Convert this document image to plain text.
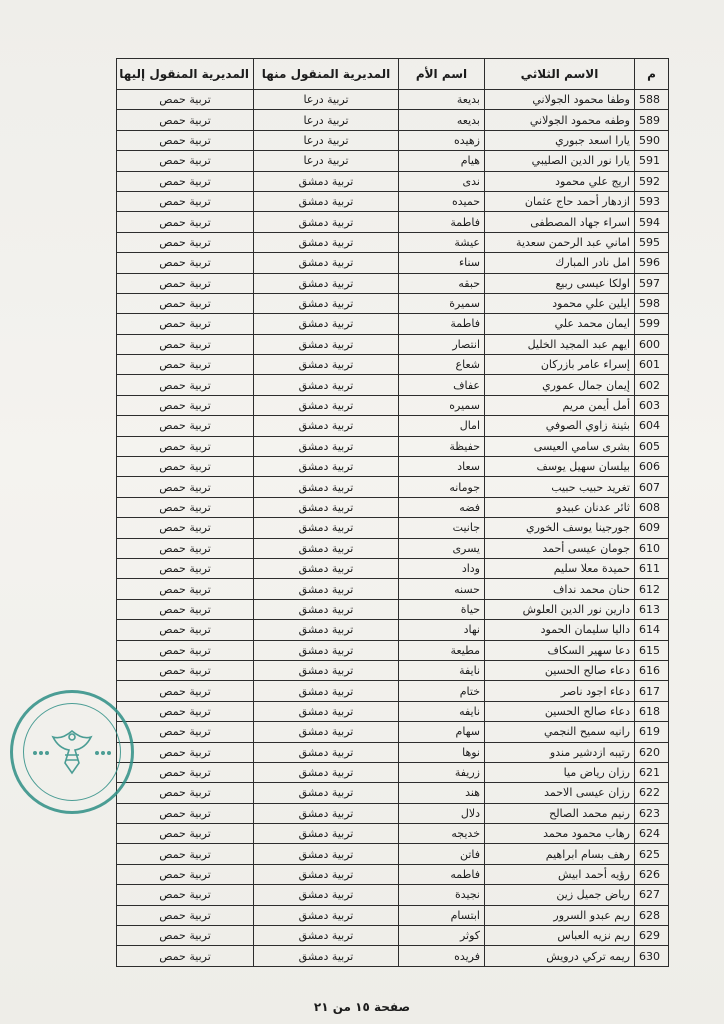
م	الاسم الثلاثي	اسم الأم	المديرية المنقول منها	المديرية المنقول إليها
588	وطفا محمود الجولاني	بديعة	تربية درعا	تربية حمص
589	وطفه محمود الجولاني	بديعه	تربية درعا	تربية حمص
590	يارا اسعد جبوري	زهيده	تربية درعا	تربية حمص
591	يارا نور الدين الصليبي	هيام	تربية درعا	تربية حمص
592	اريج علي محمود	ندى	تربية دمشق	تربية حمص
593	ازدهار أحمد حاج عثمان	حميده	تربية دمشق	تربية حمص
594	اسراء جهاد المصطفى	فاطمة	تربية دمشق	تربية حمص
595	اماني عبد الرحمن سعدية	عيشة	تربية دمشق	تربية حمص
596	امل نادر المبارك	سناء	تربية دمشق	تربية حمص
597	اولكا عيسى ربيع	حبقه	تربية دمشق	تربية حمص
598	ايلين علي محمود	سميرة	تربية دمشق	تربية حمص
599	ايمان محمد علي	فاطمة	تربية دمشق	تربية حمص
600	ايهم عبد المجيد الخليل	انتصار	تربية دمشق	تربية حمص
601	إسراء عامر بازركان	شعاع	تربية دمشق	تربية حمص
602	إيمان جمال عموري	عفاف	تربية دمشق	تربية حمص
603	أمل أيمن مريم	سميره	تربية دمشق	تربية حمص
604	بثينة زاوي الصوفي	امال	تربية دمشق	تربية حمص
605	بشرى سامي العيسى	حفيظة	تربية دمشق	تربية حمص
606	بيلسان سهيل يوسف	سعاد	تربية دمشق	تربية حمص
607	تغريد حبيب حبيب	جومانه	تربية دمشق	تربية حمص
608	ثائر عدنان عبيدو	فضه	تربية دمشق	تربية حمص
609	جورجينا يوسف الخوري	جانيت	تربية دمشق	تربية حمص
610	جومان عيسى أحمد	يسرى	تربية دمشق	تربية حمص
611	حميدة معلا سليم	وداد	تربية دمشق	تربية حمص
612	حنان محمد نداف	حسنه	تربية دمشق	تربية حمص
613	دارين نور الدين العلوش	حياة	تربية دمشق	تربية حمص
614	داليا سليمان الحمود	نهاد	تربية دمشق	تربية حمص
615	دعا سهير السكاف	مطيعة	تربية دمشق	تربية حمص
616	دعاء صالح الحسين	نايفة	تربية دمشق	تربية حمص
617	دعاء اجود ناصر	ختام	تربية دمشق	تربية حمص
618	دعاء صالح الحسين	نايفه	تربية دمشق	تربية حمص
619	رانيه سميح النجمي	سهام	تربية دمشق	تربية حمص
620	رتيبه ازدشير مندو	نوها	تربية دمشق	تربية حمص
621	رزان رياض ميا	زريفة	تربية دمشق	تربية حمص
622	رزان عيسى الاحمد	هند	تربية دمشق	تربية حمص
623	رنيم محمد الصالح	دلال	تربية دمشق	تربية حمص
624	رهاب محمود محمد	خديجه	تربية دمشق	تربية حمص
625	رهف بسام ابراهيم	فاتن	تربية دمشق	تربية حمص
626	رؤيه أحمد ابيش	فاطمه	تربية دمشق	تربية حمص
627	رياض جميل زين	نجيدة	تربية دمشق	تربية حمص
628	ريم عبدو السرور	ابتسام	تربية دمشق	تربية حمص
629	ريم نزيه العباس	كوثر	تربية دمشق	تربية حمص
630	ريمه تركي درويش	فريده	تربية دمشق	تربية حمص
صفحة ١٥ من ٢١
